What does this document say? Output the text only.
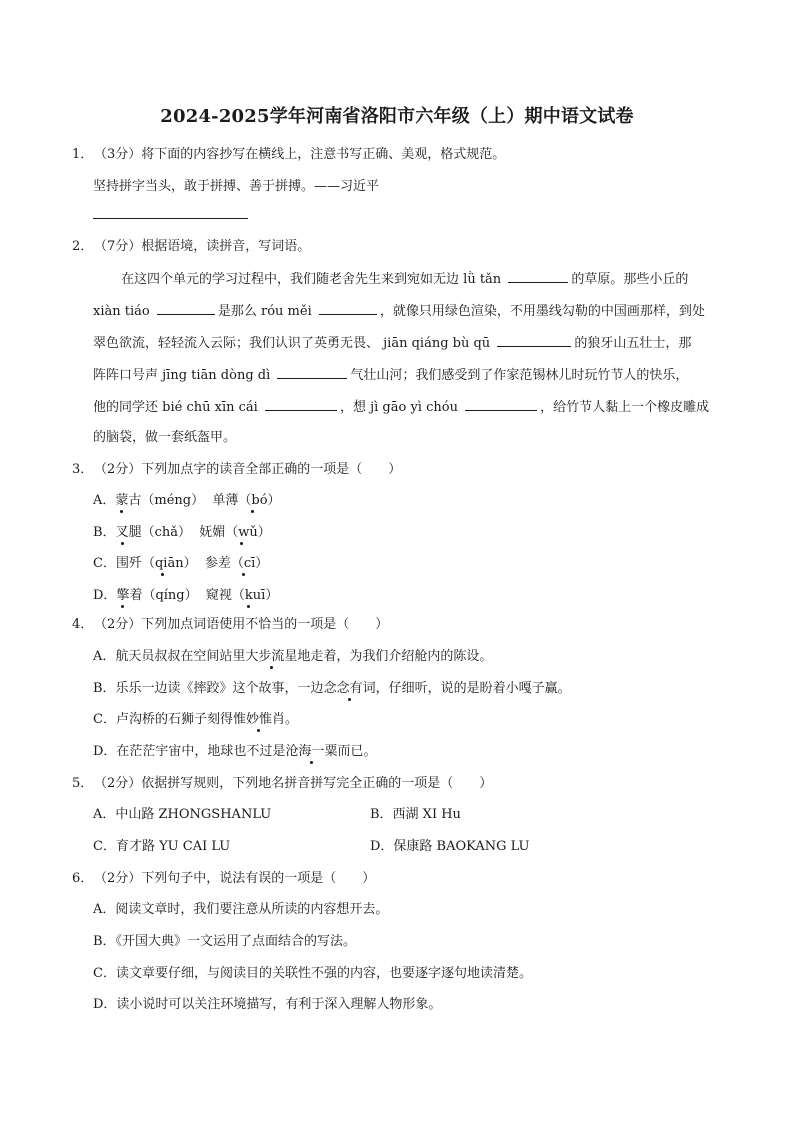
2024-2025学年河南省洛阳市六年级（上）期中语文试卷
1．（3分）将下面的内容抄写在横线上，注意书写正确、美观，格式规范。
坚持拼字当头，敢于拼搏、善于拼搏。——习近平
2．（7分）根据语境，读拼音，写词语。
在这四个单元的学习过程中，我们随老舍先生来到宛如无边 lǜ tǎn	的草原。那些小丘的
xiàn tiáo	是那么 róu měi	，就像只用绿色渲染，不用墨线勾勒的中国画那样，到处
翠色欲流，轻轻流入云际；我们认识了英勇无畏、 jiān qiáng bù qū	的狼牙山五壮士，那
阵阵口号声 jīng tiān dòng dì	气壮山河；我们感受到了作家范锡林儿时玩竹节人的快乐，
他的同学还 bié chū xīn cái	，想 jì gāo yì chóu	，给竹节人黏上一个橡皮雕成
的脑袋，做一套纸盔甲。
3．（2分）下列加点字的读音全部正确的一项是（　　）
A．蒙古（méng） 单薄（bó）
B．叉腿（chǎ） 妩媚（wǔ）
C．围歼（qiān） 参差（cī）
D．擎着（qíng） 窥视（kuī）
4．（2分）下列加点词语使用不恰当的一项是（　　）
A．航天员叔叔在空间站里大步流星地走着，为我们介绍舱内的陈设。
B．乐乐一边读《摔跤》这个故事，一边念念有词，仔细听，说的是盼着小嘎子赢。
C．卢沟桥的石狮子刻得惟妙惟肖。
D．在茫茫宇宙中，地球也不过是沧海一粟而已。
5．（2分）依据拼写规则，下列地名拼音拼写完全正确的一项是（　　）
A．中山路 ZHONGSHANLU	B．西湖 XI Hu
C．育才路 YU CAI LU	D．保康路 BAOKANG LU
6．（2分）下列句子中，说法有误的一项是（　　）
A．阅读文章时，我们要注意从所读的内容想开去。
B．《开国大典》一文运用了点面结合的写法。
C．读文章要仔细，与阅读目的关联性不强的内容，也要逐字逐句地读清楚。
D．读小说时可以关注环境描写，有利于深入理解人物形象。
